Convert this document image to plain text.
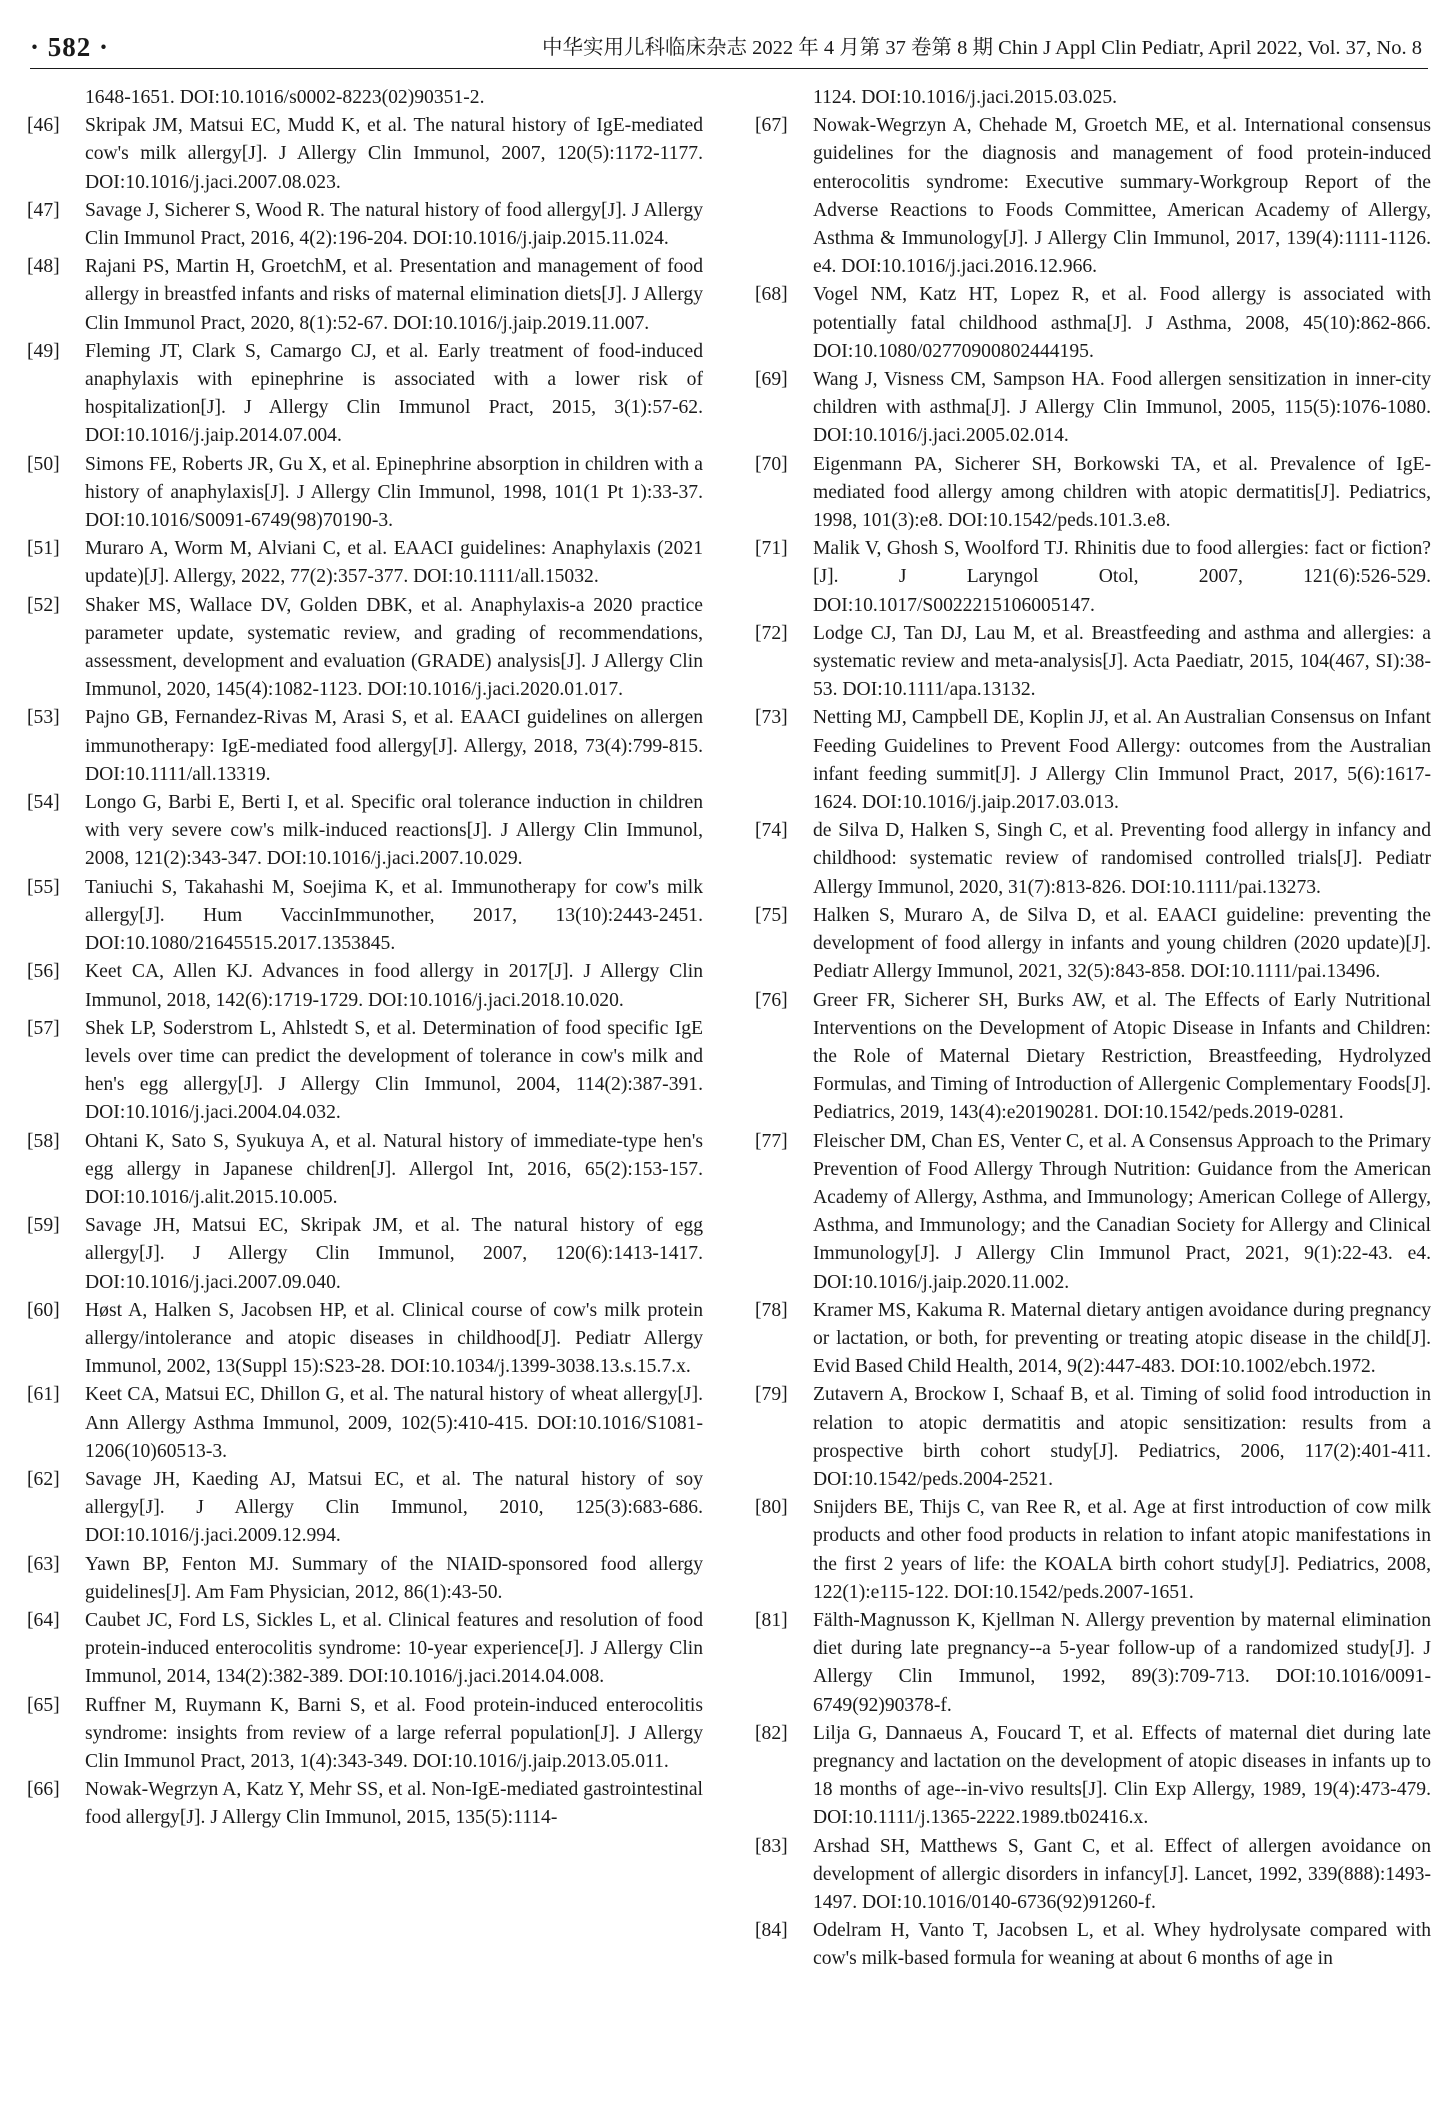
· 582 ·	中华实用儿科临床杂志 2022 年 4 月第 37 卷第 8 期 Chin J Appl Clin Pediatr, April 2022, Vol. 37, No. 8
1648-1651. DOI:10.1016/s0002-8223(02)90351-2.
[46]	Skripak JM, Matsui EC, Mudd K, et al. The natural history of IgE-mediated cow's milk allergy[J]. J Allergy Clin Immunol, 2007, 120(5):1172-1177. DOI:10.1016/j.jaci.2007.08.023.
[47]	Savage J, Sicherer S, Wood R. The natural history of food allergy[J]. J Allergy Clin Immunol Pract, 2016, 4(2):196-204. DOI:10.1016/j.jaip.2015.11.024.
[48]	Rajani PS, Martin H, GroetchM, et al. Presentation and management of food allergy in breastfed infants and risks of maternal elimination diets[J]. J Allergy Clin Immunol Pract, 2020, 8(1):52-67. DOI:10.1016/j.jaip.2019.11.007.
[49]	Fleming JT, Clark S, Camargo CJ, et al. Early treatment of food-induced anaphylaxis with epinephrine is associated with a lower risk of hospitalization[J]. J Allergy Clin Immunol Pract, 2015, 3(1):57-62. DOI:10.1016/j.jaip.2014.07.004.
[50]	Simons FE, Roberts JR, Gu X, et al. Epinephrine absorption in children with a history of anaphylaxis[J]. J Allergy Clin Immunol, 1998, 101(1 Pt 1):33-37. DOI:10.1016/S0091-6749(98)70190-3.
[51]	Muraro A, Worm M, Alviani C, et al. EAACI guidelines: Anaphylaxis (2021 update)[J]. Allergy, 2022, 77(2):357-377. DOI:10.1111/all.15032.
[52]	Shaker MS, Wallace DV, Golden DBK, et al. Anaphylaxis-a 2020 practice parameter update, systematic review, and grading of recommendations, assessment, development and evaluation (GRADE) analysis[J]. J Allergy Clin Immunol, 2020, 145(4):1082-1123. DOI:10.1016/j.jaci.2020.01.017.
[53]	Pajno GB, Fernandez-Rivas M, Arasi S, et al. EAACI guidelines on allergen immunotherapy: IgE-mediated food allergy[J]. Allergy, 2018, 73(4):799-815. DOI:10.1111/all.13319.
[54]	Longo G, Barbi E, Berti I, et al. Specific oral tolerance induction in children with very severe cow's milk-induced reactions[J]. J Allergy Clin Immunol, 2008, 121(2):343-347. DOI:10.1016/j.jaci.2007.10.029.
[55]	Taniuchi S, Takahashi M, Soejima K, et al. Immunotherapy for cow's milk allergy[J]. Hum VaccinImmunother, 2017, 13(10):2443-2451. DOI:10.1080/21645515.2017.1353845.
[56]	Keet CA, Allen KJ. Advances in food allergy in 2017[J]. J Allergy Clin Immunol, 2018, 142(6):1719-1729. DOI:10.1016/j.jaci.2018.10.020.
[57]	Shek LP, Soderstrom L, Ahlstedt S, et al. Determination of food specific IgE levels over time can predict the development of tolerance in cow's milk and hen's egg allergy[J]. J Allergy Clin Immunol, 2004, 114(2):387-391. DOI:10.1016/j.jaci.2004.04.032.
[58]	Ohtani K, Sato S, Syukuya A, et al. Natural history of immediate-type hen's egg allergy in Japanese children[J]. Allergol Int, 2016, 65(2):153-157. DOI:10.1016/j.alit.2015.10.005.
[59]	Savage JH, Matsui EC, Skripak JM, et al. The natural history of egg allergy[J]. J Allergy Clin Immunol, 2007, 120(6):1413-1417. DOI:10.1016/j.jaci.2007.09.040.
[60]	Høst A, Halken S, Jacobsen HP, et al. Clinical course of cow's milk protein allergy/intolerance and atopic diseases in childhood[J]. Pediatr Allergy Immunol, 2002, 13(Suppl 15):S23-28. DOI:10.1034/j.1399-3038.13.s.15.7.x.
[61]	Keet CA, Matsui EC, Dhillon G, et al. The natural history of wheat allergy[J]. Ann Allergy Asthma Immunol, 2009, 102(5):410-415. DOI:10.1016/S1081-1206(10)60513-3.
[62]	Savage JH, Kaeding AJ, Matsui EC, et al. The natural history of soy allergy[J]. J Allergy Clin Immunol, 2010, 125(3):683-686. DOI:10.1016/j.jaci.2009.12.994.
[63]	Yawn BP, Fenton MJ. Summary of the NIAID-sponsored food allergy guidelines[J]. Am Fam Physician, 2012, 86(1):43-50.
[64]	Caubet JC, Ford LS, Sickles L, et al. Clinical features and resolution of food protein-induced enterocolitis syndrome: 10-year experience[J]. J Allergy Clin Immunol, 2014, 134(2):382-389. DOI:10.1016/j.jaci.2014.04.008.
[65]	Ruffner M, Ruymann K, Barni S, et al. Food protein-induced enterocolitis syndrome: insights from review of a large referral population[J]. J Allergy Clin Immunol Pract, 2013, 1(4):343-349. DOI:10.1016/j.jaip.2013.05.011.
[66]	Nowak-Wegrzyn A, Katz Y, Mehr SS, et al. Non-IgE-mediated gastrointestinal food allergy[J]. J Allergy Clin Immunol, 2015, 135(5):1114-
1124. DOI:10.1016/j.jaci.2015.03.025.
[67]	Nowak-Wegrzyn A, Chehade M, Groetch ME, et al. International consensus guidelines for the diagnosis and management of food protein-induced enterocolitis syndrome: Executive summary-Workgroup Report of the Adverse Reactions to Foods Committee, American Academy of Allergy, Asthma & Immunology[J]. J Allergy Clin Immunol, 2017, 139(4):1111-1126. e4. DOI:10.1016/j.jaci.2016.12.966.
[68]	Vogel NM, Katz HT, Lopez R, et al. Food allergy is associated with potentially fatal childhood asthma[J]. J Asthma, 2008, 45(10):862-866. DOI:10.1080/02770900802444195.
[69]	Wang J, Visness CM, Sampson HA. Food allergen sensitization in inner-city children with asthma[J]. J Allergy Clin Immunol, 2005, 115(5):1076-1080. DOI:10.1016/j.jaci.2005.02.014.
[70]	Eigenmann PA, Sicherer SH, Borkowski TA, et al. Prevalence of IgE-mediated food allergy among children with atopic dermatitis[J]. Pediatrics, 1998, 101(3):e8. DOI:10.1542/peds.101.3.e8.
[71]	Malik V, Ghosh S, Woolford TJ. Rhinitis due to food allergies: fact or fiction?[J]. J Laryngol Otol, 2007, 121(6):526-529. DOI:10.1017/S0022215106005147.
[72]	Lodge CJ, Tan DJ, Lau M, et al. Breastfeeding and asthma and allergies: a systematic review and meta-analysis[J]. Acta Paediatr, 2015, 104(467, SI):38-53. DOI:10.1111/apa.13132.
[73]	Netting MJ, Campbell DE, Koplin JJ, et al. An Australian Consensus on Infant Feeding Guidelines to Prevent Food Allergy: outcomes from the Australian infant feeding summit[J]. J Allergy Clin Immunol Pract, 2017, 5(6):1617-1624. DOI:10.1016/j.jaip.2017.03.013.
[74]	de Silva D, Halken S, Singh C, et al. Preventing food allergy in infancy and childhood: systematic review of randomised controlled trials[J]. Pediatr Allergy Immunol, 2020, 31(7):813-826. DOI:10.1111/pai.13273.
[75]	Halken S, Muraro A, de Silva D, et al. EAACI guideline: preventing the development of food allergy in infants and young children (2020 update)[J]. Pediatr Allergy Immunol, 2021, 32(5):843-858. DOI:10.1111/pai.13496.
[76]	Greer FR, Sicherer SH, Burks AW, et al. The Effects of Early Nutritional Interventions on the Development of Atopic Disease in Infants and Children: the Role of Maternal Dietary Restriction, Breastfeeding, Hydrolyzed Formulas, and Timing of Introduction of Allergenic Complementary Foods[J]. Pediatrics, 2019, 143(4):e20190281. DOI:10.1542/peds.2019-0281.
[77]	Fleischer DM, Chan ES, Venter C, et al. A Consensus Approach to the Primary Prevention of Food Allergy Through Nutrition: Guidance from the American Academy of Allergy, Asthma, and Immunology; American College of Allergy, Asthma, and Immunology; and the Canadian Society for Allergy and Clinical Immunology[J]. J Allergy Clin Immunol Pract, 2021, 9(1):22-43. e4. DOI:10.1016/j.jaip.2020.11.002.
[78]	Kramer MS, Kakuma R. Maternal dietary antigen avoidance during pregnancy or lactation, or both, for preventing or treating atopic disease in the child[J]. Evid Based Child Health, 2014, 9(2):447-483. DOI:10.1002/ebch.1972.
[79]	Zutavern A, Brockow I, Schaaf B, et al. Timing of solid food introduction in relation to atopic dermatitis and atopic sensitization: results from a prospective birth cohort study[J]. Pediatrics, 2006, 117(2):401-411. DOI:10.1542/peds.2004-2521.
[80]	Snijders BE, Thijs C, van Ree R, et al. Age at first introduction of cow milk products and other food products in relation to infant atopic manifestations in the first 2 years of life: the KOALA birth cohort study[J]. Pediatrics, 2008, 122(1):e115-122. DOI:10.1542/peds.2007-1651.
[81]	Fälth-Magnusson K, Kjellman N. Allergy prevention by maternal elimination diet during late pregnancy--a 5-year follow-up of a randomized study[J]. J Allergy Clin Immunol, 1992, 89(3):709-713. DOI:10.1016/0091-6749(92)90378-f.
[82]	Lilja G, Dannaeus A, Foucard T, et al. Effects of maternal diet during late pregnancy and lactation on the development of atopic diseases in infants up to 18 months of age--in-vivo results[J]. Clin Exp Allergy, 1989, 19(4):473-479. DOI:10.1111/j.1365-2222.1989.tb02416.x.
[83]	Arshad SH, Matthews S, Gant C, et al. Effect of allergen avoidance on development of allergic disorders in infancy[J]. Lancet, 1992, 339(888):1493-1497. DOI:10.1016/0140-6736(92)91260-f.
[84]	Odelram H, Vanto T, Jacobsen L, et al. Whey hydrolysate compared with cow's milk-based formula for weaning at about 6 months of age in
